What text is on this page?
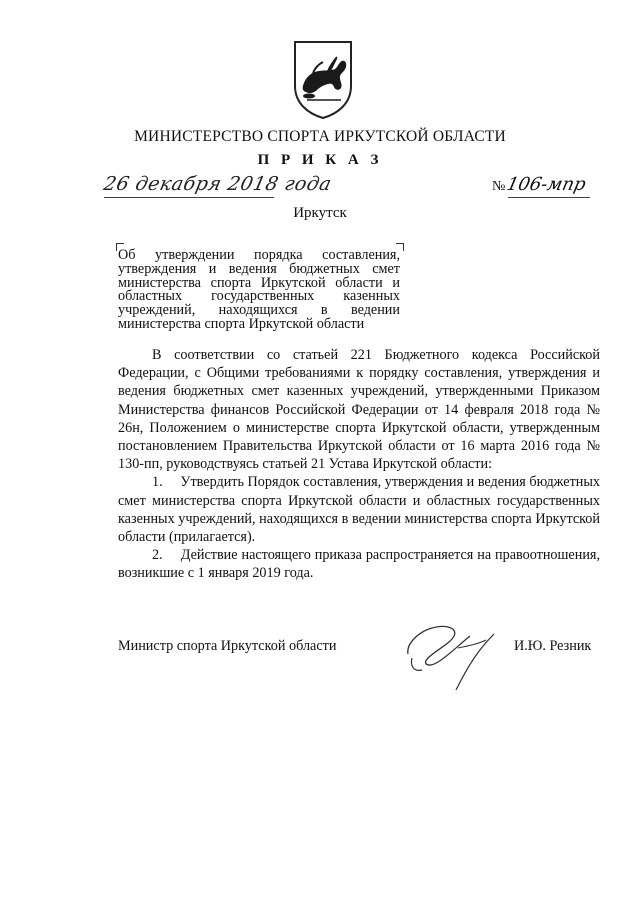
МИНИСТЕРСТВО СПОРТА ИРКУТСКОЙ ОБЛАСТИ
П Р И К А З
26 декабря 2018 года	№106-мпр
Иркутск
Об утверждении порядка составления,
утверждения и ведения бюджетных смет
министерства спорта Иркутской области и
областных государственных казенных
учреждений, находящихся в ведении
министерства спорта Иркутской области

В соответствии со статьей 221 Бюджетного кодекса Российской Федерации, с Общими требованиями к порядку составления, утверждения и ведения бюджетных смет казенных учреждений, утвержденными Приказом Министерства финансов Российской Федерации от 14 февраля 2018 года № 26н, Положением о министерстве спорта Иркутской области, утвержденным постановлением Правительства Иркутской области от 16 марта 2016 года № 130-пп, руководствуясь статьей 21 Устава Иркутской области:

1.  Утвердить Порядок составления, утверждения и ведения бюджетных смет министерства спорта Иркутской области и областных государственных казенных учреждений, находящихся в ведении министерства спорта Иркутской области (прилагается).

2.  Действие настоящего приказа распространяется на правоотношения, возникшие с 1 января 2019 года.

Министр спорта Иркутской области	И.Ю. Резник
